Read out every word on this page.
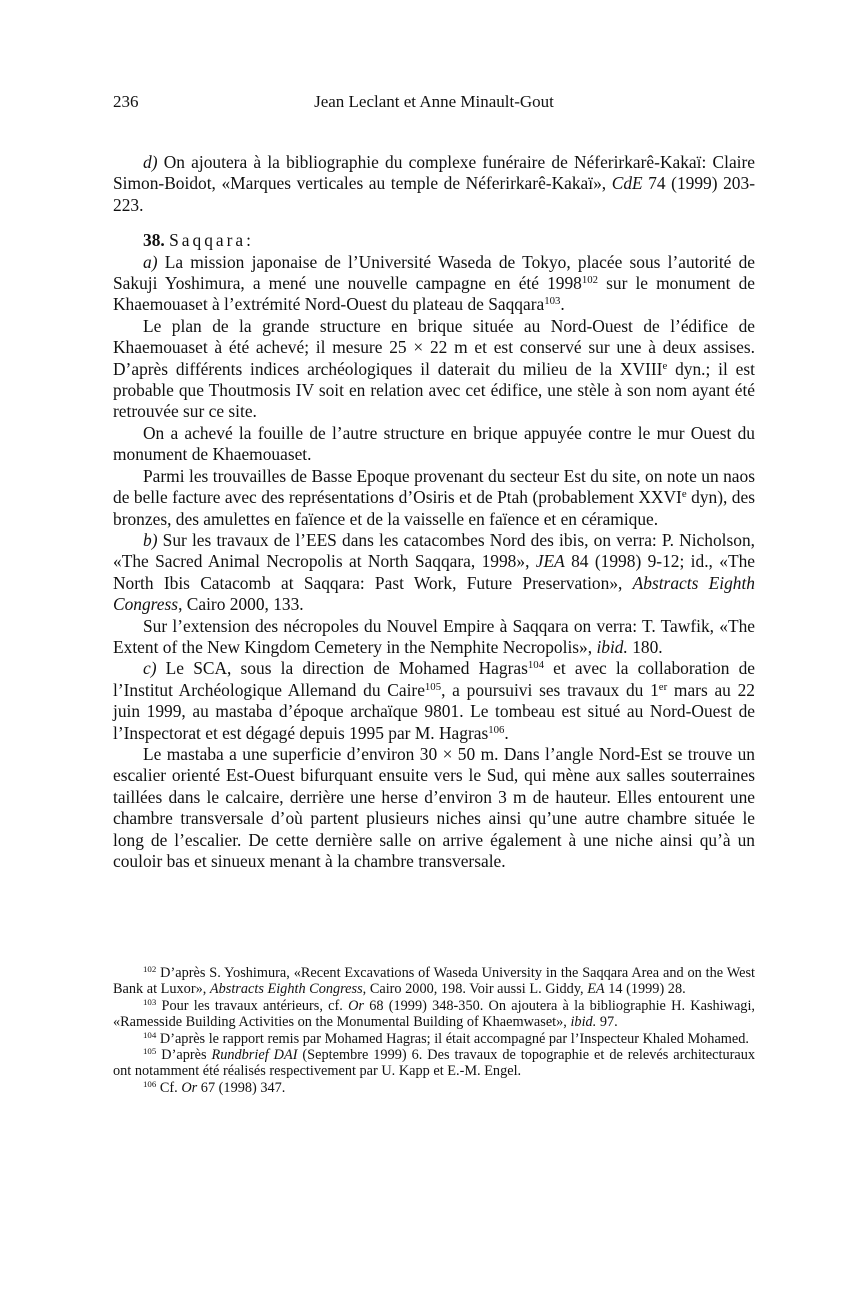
236	Jean Leclant et Anne Minault-Gout

d) On ajoutera à la bibliographie du complexe funéraire de Néferirkarê-Kakaï: Claire Simon-Boidot, «Marques verticales au temple de Néferirkarê-Kakaï», CdE 74 (1999) 203-223.

38. Saqqara:

a) La mission japonaise de l’Université Waseda de Tokyo, placée sous l’autorité de Sakuji Yoshimura, a mené une nouvelle campagne en été 1998$^{102}$ sur le monument de Khaemouaset à l’extrémité Nord-Ouest du plateau de Saqqara$^{103}$.

Le plan de la grande structure en brique située au Nord-Ouest de l’édifice de Khaemouaset à été achevé; il mesure 25 × 22 m et est conservé sur une à deux assises. D’après différents indices archéologiques il daterait du milieu de la XVIIIe dyn.; il est probable que Thoutmosis IV soit en relation avec cet édifice, une stèle à son nom ayant été retrouvée sur ce site.

On a achevé la fouille de l’autre structure en brique appuyée contre le mur Ouest du monument de Khaemouaset.

Parmi les trouvailles de Basse Epoque provenant du secteur Est du site, on note un naos de belle facture avec des représentations d’Osiris et de Ptah (probablement XXVIe dyn), des bronzes, des amulettes en faïence et de la vaisselle en faïence et en céramique.

b) Sur les travaux de l’EES dans les catacombes Nord des ibis, on verra: P. Nicholson, «The Sacred Animal Necropolis at North Saqqara, 1998», JEA 84 (1998) 9-12; id., «The North Ibis Catacomb at Saqqara: Past Work, Future Preservation», Abstracts Eighth Congress, Cairo 2000, 133.

Sur l’extension des nécropoles du Nouvel Empire à Saqqara on verra: T. Tawfik, «The Extent of the New Kingdom Cemetery in the Nemphite Necropolis», ibid. 180.

c) Le SCA, sous la direction de Mohamed Hagras$^{104}$ et avec la collaboration de l’Institut Archéologique Allemand du Caire$^{105}$, a poursuivi ses travaux du 1er mars au 22 juin 1999, au mastaba d’époque archaïque 9801. Le tombeau est situé au Nord-Ouest de l’Inspectorat et est dégagé depuis 1995 par M. Hagras$^{106}$.

Le mastaba a une superficie d’environ 30 × 50 m. Dans l’angle Nord-Est se trouve un escalier orienté Est-Ouest bifurquant ensuite vers le Sud, qui mène aux salles souterraines taillées dans le calcaire, derrière une herse d’environ 3 m de hauteur. Elles entourent une chambre transversale d’où partent plusieurs niches ainsi qu’une autre chambre située le long de l’escalier. De cette dernière salle on arrive également à une niche ainsi qu’à un couloir bas et sinueux menant à la chambre transversale.

$^{102}$ D’après S. Yoshimura, «Recent Excavations of Waseda University in the Saqqara Area and on the West Bank at Luxor», Abstracts Eighth Congress, Cairo 2000, 198. Voir aussi L. Giddy, EA 14 (1999) 28.

$^{103}$ Pour les travaux antérieurs, cf. Or 68 (1999) 348-350. On ajoutera à la bibliographie H. Kashiwagi, «Ramesside Building Activities on the Monumental Building of Khaemwaset», ibid. 97.

$^{104}$ D’après le rapport remis par Mohamed Hagras; il était accompagné par l’Inspecteur Khaled Mohamed.

$^{105}$ D’après Rundbrief DAI (Septembre 1999) 6. Des travaux de topographie et de relevés architecturaux ont notamment été réalisés respectivement par U. Kapp et E.-M. Engel.

$^{106}$ Cf. Or 67 (1998) 347.
